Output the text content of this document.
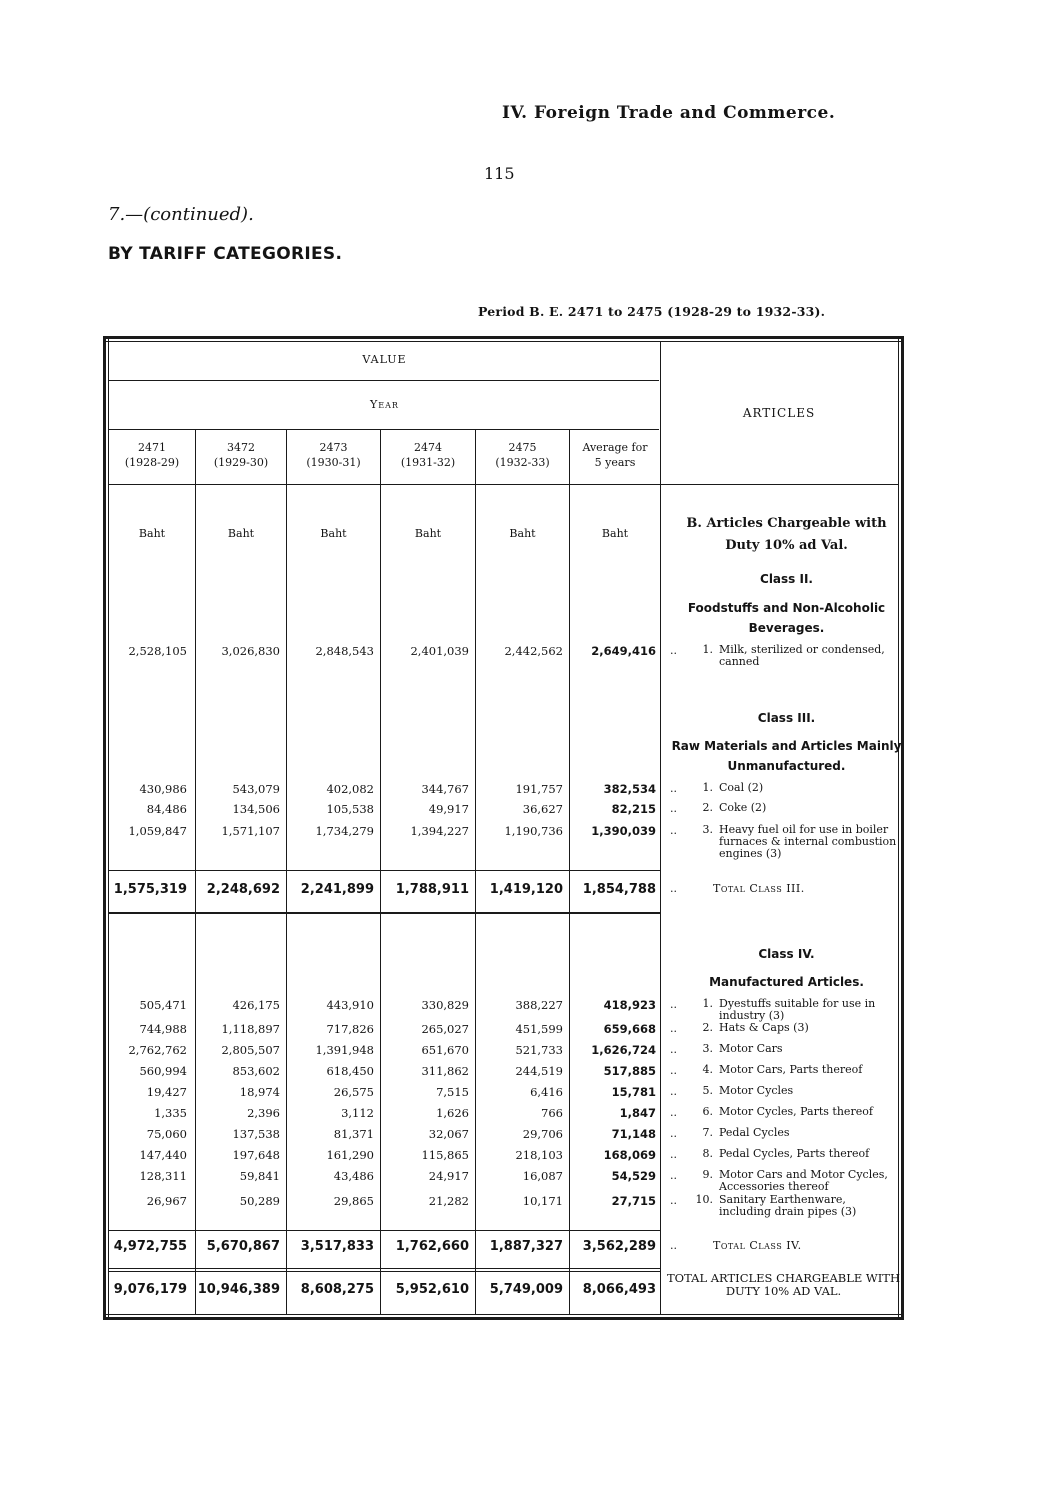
IV. Foreign Trade and Commerce.
115
7.—(continued).
BY TARIFF CATEGORIES.
Period B. E. 2471 to 2475 (1928-29 to 1932-33).
VALUE
Year
ARTICLES
2471
(1928-29)
3472
(1929-30)
2473
(1930-31)
2474
(1931-32)
2475
(1932-33)
Average for
5 years
Baht	Baht	Baht	Baht	Baht	Baht
B. Articles Chargeable with Duty 10% ad Val.
Class II.
Foodstuffs and Non-Alcoholic Beverages.
2,528,105	3,026,830	2,848,543	2,401,039	2,442,562	2,649,416 ..	1. Milk, sterilized or condensed, canned
Class III.
Raw Materials and Articles Mainly Unmanufactured.
430,986	543,079	402,082	344,767	191,757	382,534 ..	1. Coal (2)
84,486	134,506	105,538	49,917	36,627	82,215 ..	2. Coke (2)
1,059,847	1,571,107	1,734,279	1,394,227	1,190,736	1,390,039 ..	3. Heavy fuel oil for use in boiler furnaces & internal combustion engines (3)
1,575,319	2,248,692	2,241,899	1,788,911	1,419,120	1,854,788 ..	Total Class III.
Class IV.
Manufactured Articles.
505,471	426,175	443,910	330,829	388,227	418,923 ..	1. Dyestuffs suitable for use in industry (3)
744,988	1,118,897	717,826	265,027	451,599	659,668 ..	2. Hats & Caps (3)
2,762,762	2,805,507	1,391,948	651,670	521,733	1,626,724 ..	3. Motor Cars
560,994	853,602	618,450	311,862	244,519	517,885 ..	4. Motor Cars, Parts thereof
19,427	18,974	26,575	7,515	6,416	15,781 ..	5. Motor Cycles
1,335	2,396	3,112	1,626	766	1,847 ..	6. Motor Cycles, Parts thereof
75,060	137,538	81,371	32,067	29,706	71,148 ..	7. Pedal Cycles
147,440	197,648	161,290	115,865	218,103	168,069 ..	8. Pedal Cycles, Parts thereof
128,311	59,841	43,486	24,917	16,087	54,529 ..	9. Motor Cars and Motor Cycles, Accessories thereof
26,967	50,289	29,865	21,282	10,171	27,715 ..	10. Sanitary Earthenware, including drain pipes (3)
4,972,755	5,670,867	3,517,833	1,762,660	1,887,327	3,562,289 ..	Total Class IV.
9,076,179 10,946,389	8,608,275	5,952,610	5,749,009	8,066,493
TOTAL ARTICLES CHARGEABLE WITH DUTY 10% AD VAL.
